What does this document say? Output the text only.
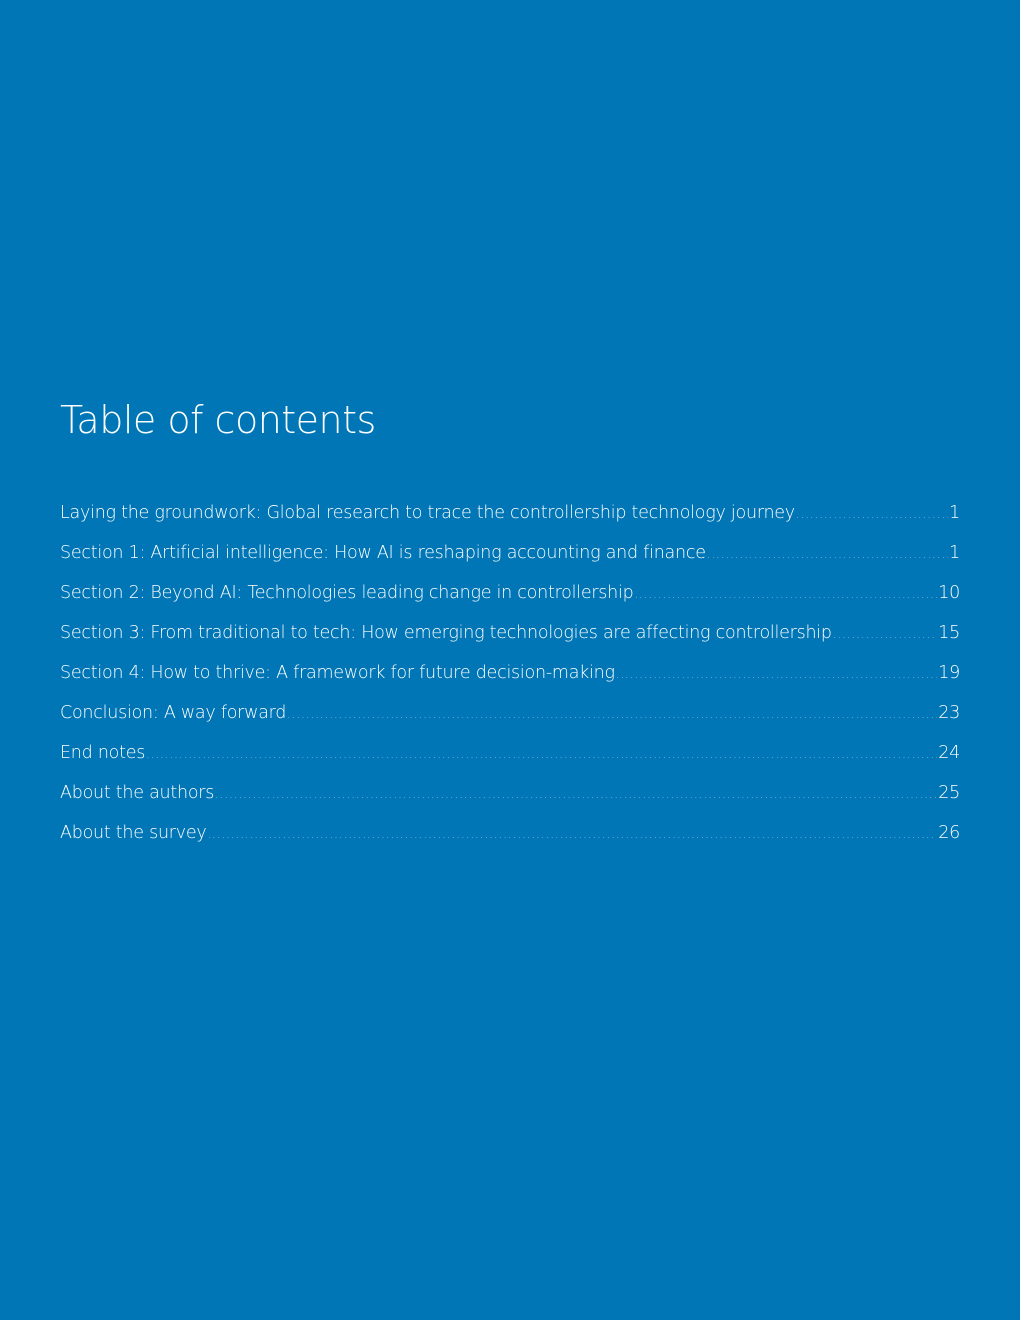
Table of contents
Laying the groundwork: Global research to trace the controllership technology journey .....	1
Section 1: Artificial intelligence: How AI is reshaping accounting and finance .....	1
Section 2: Beyond AI: Technologies leading change in controllership .....	10
Section 3: From traditional to tech: How emerging technologies are affecting controllership .....	15
Section 4: How to thrive: A framework for future decision-making .....	19
Conclusion: A way forward .....	23
End notes .....	24
About the authors .....	25
About the survey .....	26
